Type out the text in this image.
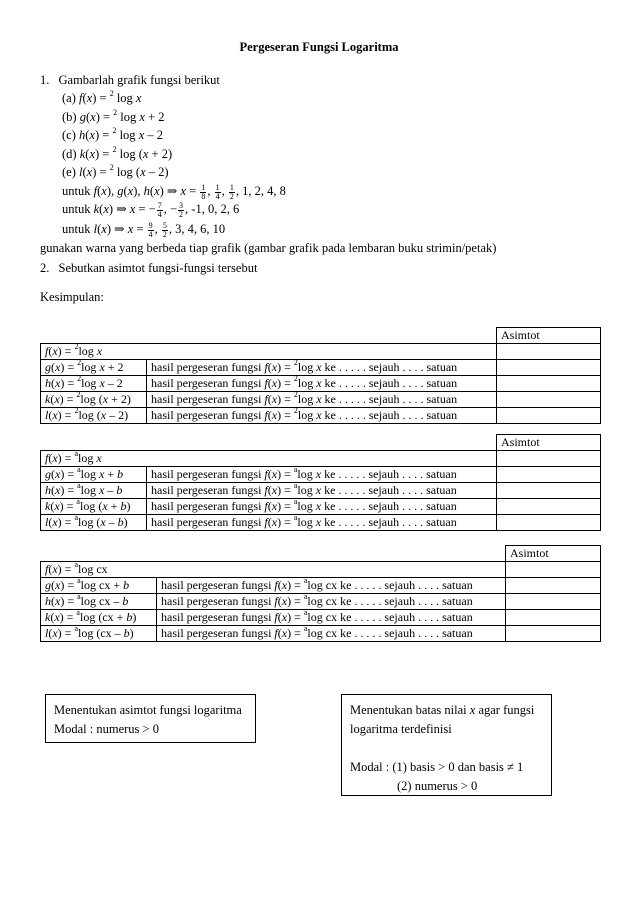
Pergeseran Fungsi Logaritma
1. Gambarlah grafik fungsi berikut
(a) f(x) = $^2$ log x
(b) g(x) = $^2$ log x + 2
(c) h(x) = $^2$ log x – 2
(d) k(x) = $^2$ log (x + 2)
(e) l(x) = $^2$ log (x – 2)
untuk f(x), g(x), h(x) ⇒ $x = \frac{1}{8}$ , $\frac{1}{4}$ , $\frac{1}{2}$ , 1, 2, 4, 8
untuk k(x) ⇒ x = − $\frac{7}{4}$ , − $\frac{3}{2}$ , -1, 0, 2, 6
untuk l(x) ⇒ $x = \frac{9}{4}$ , $\frac{5}{2}$ , 3, 4, 6, 10
gunakan warna yang berbeda tiap grafik (gambar grafik pada lembaran buku strimin/petak)
2. Sebutkan asimtot fungsi-fungsi tersebut
Kesimpulan:
		Asimtot
f(x) = $^2$log x		
g(x) = $^2$log x + 2	hasil pergeseran fungsi f(x) = $^2$log x ke . . . . . sejauh . . . . satuan	
h(x) = $^2$log x – 2	hasil pergeseran fungsi f(x) = $^2$log x ke . . . . . sejauh . . . . satuan	
k(x) = $^2$log (x + 2)	hasil pergeseran fungsi f(x) = $^2$log x ke . . . . . sejauh . . . . satuan	
l(x) = $^2$log (x – 2)	hasil pergeseran fungsi f(x) = $^2$log x ke . . . . . sejauh . . . . satuan	
		Asimtot
f(x) = $^a$log x		
g(x) = $^a$log x + b	hasil pergeseran fungsi f(x) = $^a$log x ke . . . . . sejauh . . . . satuan	
h(x) = $^a$log x – b	hasil pergeseran fungsi f(x) = $^a$log x ke . . . . . sejauh . . . . satuan	
k(x) = $^a$log (x + b)	hasil pergeseran fungsi f(x) = $^a$log x ke . . . . . sejauh . . . . satuan	
l(x) = $^a$log (x – b)	hasil pergeseran fungsi f(x) = $^a$log x ke . . . . . sejauh . . . . satuan	
		Asimtot
f(x) = $^a$log cx		
g(x) = $^a$log cx + b	hasil pergeseran fungsi f(x) = $^a$log cx ke . . . . . sejauh . . . . satuan	
h(x) = $^a$log cx – b	hasil pergeseran fungsi f(x) = $^a$log cx ke . . . . . sejauh . . . . satuan	
k(x) = $^a$log (cx + b)	hasil pergeseran fungsi f(x) = $^a$log cx ke . . . . . sejauh . . . . satuan	
l(x) = $^a$log (cx – b)	hasil pergeseran fungsi f(x) = $^a$log cx ke . . . . . sejauh . . . . satuan	
Menentukan asimtot fungsi logaritma
Modal : numerus > 0
Menentukan batas nilai x agar fungsi
logaritma terdefinisi
Modal : (1) basis > 0 dan basis ≠ 1
(2) numerus > 0
